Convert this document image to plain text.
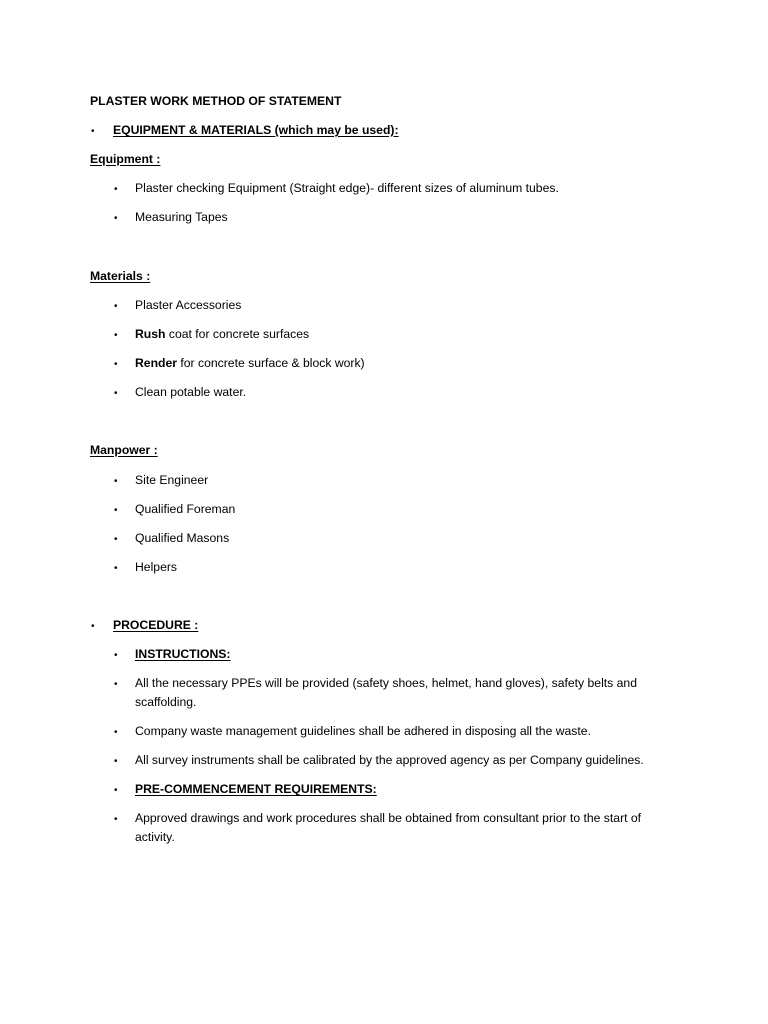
PLASTER WORK METHOD OF STATEMENT
• EQUIPMENT & MATERIALS (which may be used):
Equipment :
• Plaster checking Equipment (Straight edge)- different sizes of aluminum tubes.
• Measuring Tapes
Materials :
• Plaster Accessories
• Rush coat for concrete surfaces
• Render for concrete surface & block work)
• Clean potable water.
Manpower :
• Site Engineer
• Qualified Foreman
• Qualified Masons
• Helpers
• PROCEDURE :
• INSTRUCTIONS:
• All the necessary PPEs will be provided (safety shoes, helmet, hand gloves), safety belts and scaffolding.
• Company waste management guidelines shall be adhered in disposing all the waste.
• All survey instruments shall be calibrated by the approved agency as per Company guidelines.
• PRE-COMMENCEMENT REQUIREMENTS:
• Approved drawings and work procedures shall be obtained from consultant prior to the start of activity.
